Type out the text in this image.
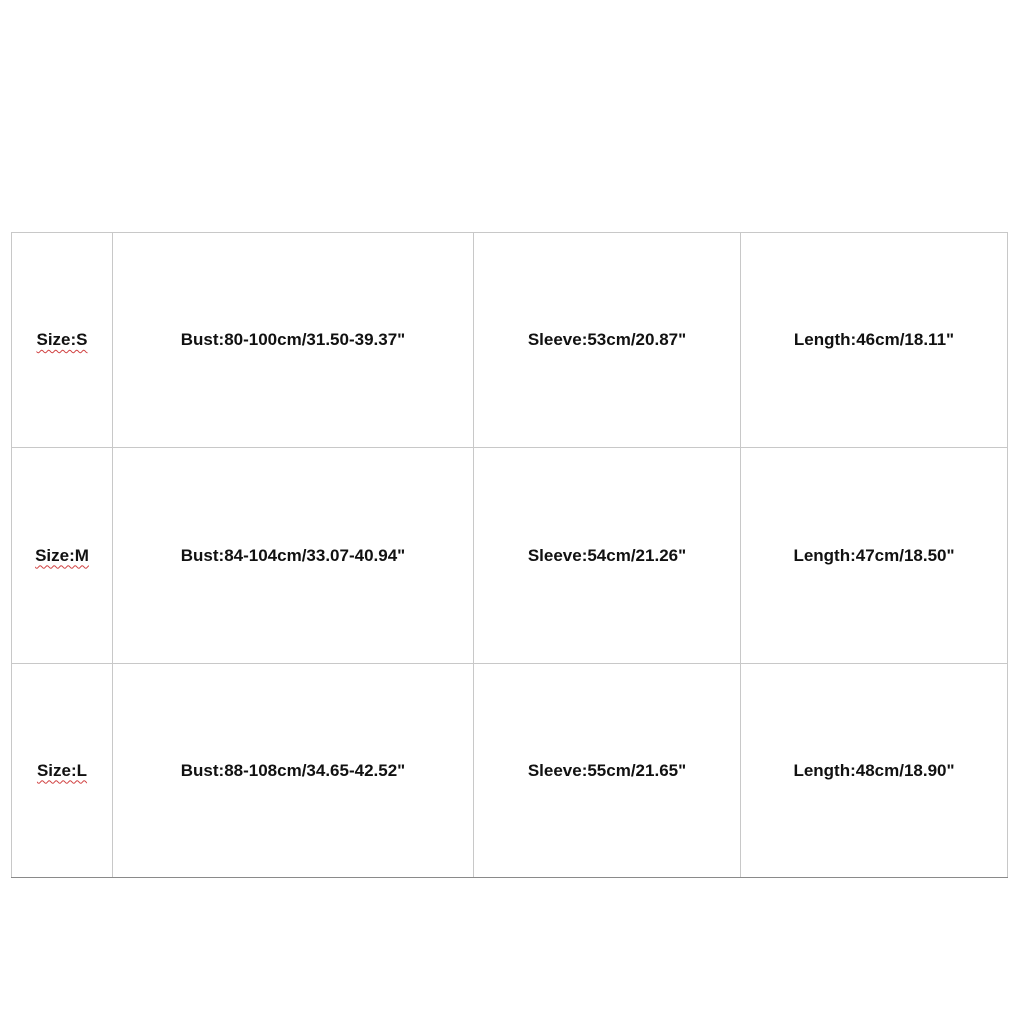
Size:S	Bust:80-100cm/31.50-39.37"	Sleeve:53cm/20.87"	Length:46cm/18.11"
Size:M	Bust:84-104cm/33.07-40.94"	Sleeve:54cm/21.26"	Length:47cm/18.50"
Size:L	Bust:88-108cm/34.65-42.52"	Sleeve:55cm/21.65"	Length:48cm/18.90"
